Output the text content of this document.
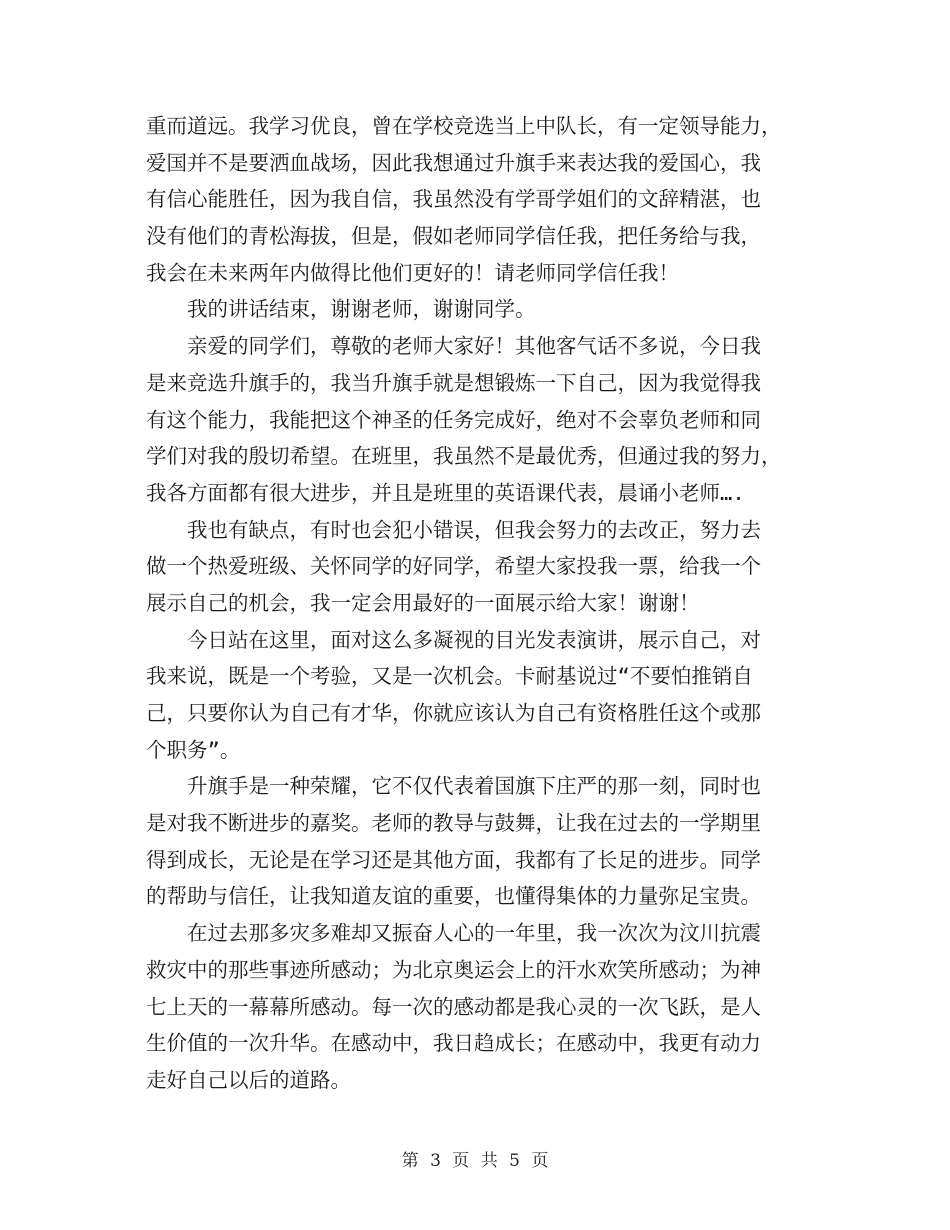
重而道远。我学习优良，曾在学校竞选当上中队长，有一定领导能力，
爱国并不是要洒血战场，因此我想通过升旗手来表达我的爱国心，我
有信心能胜任，因为我自信，我虽然没有学哥学姐们的文辞精湛，也
没有他们的青松海拔，但是，假如老师同学信任我，把任务给与我，
我会在未来两年内做得比他们更好的！请老师同学信任我！
我的讲话结束，谢谢老师，谢谢同学。
亲爱的同学们，尊敬的老师大家好！其他客气话不多说，今日我
是来竞选升旗手的，我当升旗手就是想锻炼一下自己，因为我觉得我
有这个能力，我能把这个神圣的任务完成好，绝对不会辜负老师和同
学们对我的殷切希望。在班里，我虽然不是最优秀，但通过我的努力，
我各方面都有很大进步，并且是班里的英语课代表，晨诵小老师….
我也有缺点，有时也会犯小错误，但我会努力的去改正，努力去
做一个热爱班级、关怀同学的好同学，希望大家投我一票，给我一个
展示自己的机会，我一定会用最好的一面展示给大家！谢谢！
今日站在这里，面对这么多凝视的目光发表演讲，展示自己，对
我来说，既是一个考验，又是一次机会。卡耐基说过“不要怕推销自
己，只要你认为自己有才华，你就应该认为自己有资格胜任这个或那
个职务”。
升旗手是一种荣耀，它不仅代表着国旗下庄严的那一刻，同时也
是对我不断进步的嘉奖。老师的教导与鼓舞，让我在过去的一学期里
得到成长，无论是在学习还是其他方面，我都有了长足的进步。同学
的帮助与信任，让我知道友谊的重要，也懂得集体的力量弥足宝贵。
在过去那多灾多难却又振奋人心的一年里，我一次次为汶川抗震
救灾中的那些事迹所感动；为北京奥运会上的汗水欢笑所感动；为神
七上天的一幕幕所感动。每一次的感动都是我心灵的一次飞跃，是人
生价值的一次升华。在感动中，我日趋成长；在感动中，我更有动力
走好自己以后的道路。
第 3 页 共 5 页
